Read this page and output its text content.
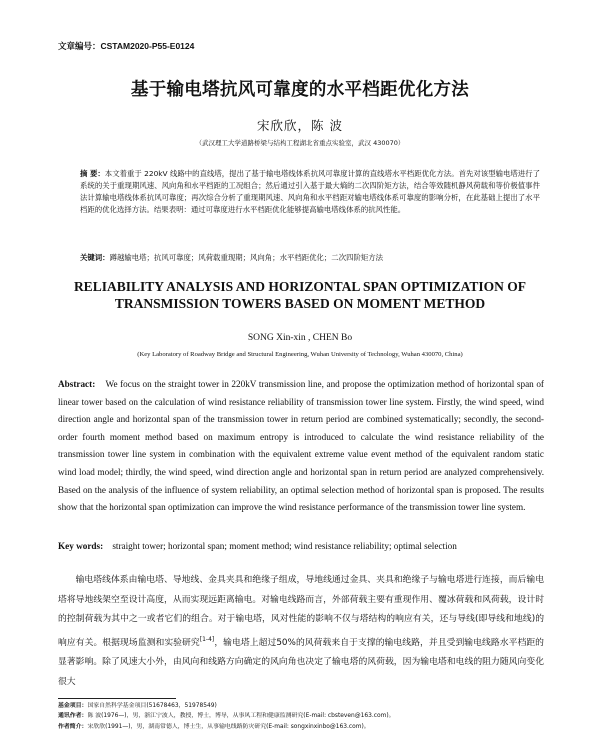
文章编号：CSTAM2020-P55-E0124
基于输电塔抗风可靠度的水平档距优化方法
宋欣欣，陈 波
（武汉理工大学道路桥梁与结构工程湖北省重点实验室，武汉 430070）
摘 要：本文着重于 220kV 线路中的直线塔，提出了基于输电塔线体系抗风可靠度计算的直线塔水平档距优化方法。首先对该型输电塔进行了系统的关于重现期风速、风向角和水平档距的工况组合；然后通过引入基于最大熵的二次四阶矩方法，结合等效随机静风荷载和等价极值事件法计算输电塔线体系抗风可靠度；再次综合分析了重现期风速、风向角和水平档距对输电塔线体系可靠度的影响分析，在此基础上提出了水平档距的优化选择方法。结果表明：通过可靠度进行水平档距优化能够提高输电塔线体系的抗风性能。
关键词：蹲越输电塔；抗风可靠度；风荷载重现期；风向角；水平档距优化；二次四阶矩方法
RELIABILITY ANALYSIS AND HORIZONTAL SPAN OPTIMIZATION OF TRANSMISSION TOWERS BASED ON MOMENT METHOD
SONG Xin-xin , CHEN Bo
(Key Laboratory of Roadway Bridge and Structural Engineering, Wuhan University of Technology, Wuhan 430070, China)
Abstract: We focus on the straight tower in 220kV transmission line, and propose the optimization method of horizontal span of linear tower based on the calculation of wind resistance reliability of transmission tower line system. Firstly, the wind speed, wind direction angle and horizontal span of the transmission tower in return period are combined systematically; secondly, the second-order fourth moment method based on maximum entropy is introduced to calculate the wind resistance reliability of the transmission tower line system in combination with the equivalent extreme value event method of the equivalent random static wind load model; thirdly, the wind speed, wind direction angle and horizontal span in return period are analyzed comprehensively. Based on the analysis of the influence of system reliability, an optimal selection method of horizontal span is proposed. The results show that the horizontal span optimization can improve the wind resistance performance of the transmission tower line system.
Key words: straight tower; horizontal span; moment method; wind resistance reliability; optimal selection
输电塔线体系由输电塔、导地线、金具夹具和绝缘子组成，导地线通过金具、夹具和绝缘子与输电塔进行连接，而后输电塔将导地线架空至设计高度，从而实现远距离输电。对输电线路而言，外部荷载主要有重现作用、覆冰荷载和风荷载，设计时的控制荷载为其中之一或者它们的组合。对于输电塔，风对性能的影响不仅与塔结构的响应有关，还与导线(即导线和地线)的响应有关。根据现场监测和实验研究[1-4]，输电塔上超过50%的风荷载来自于支撑的输电线路，并且受到输电线路水平档距的显著影响。除了风速大小外，由风向和线路方向确定的风向角也决定了输电塔的风荷载，因为输电塔和电线的阻力随风向变化很大
基金项目：国家自然科学基金项目(51678463，51978549)
通讯作者：陈 波(1976—)，男，浙江宁波人，教授，博士，博导，从事风工程和健康监测研究(E-mail: cbsteven@163.com)。
作者简介：宋欣欣(1991—)，男，湖南常德人，博士生，从事输电线路防灾研究(E-mail: songxinxinbo@163.com)。
